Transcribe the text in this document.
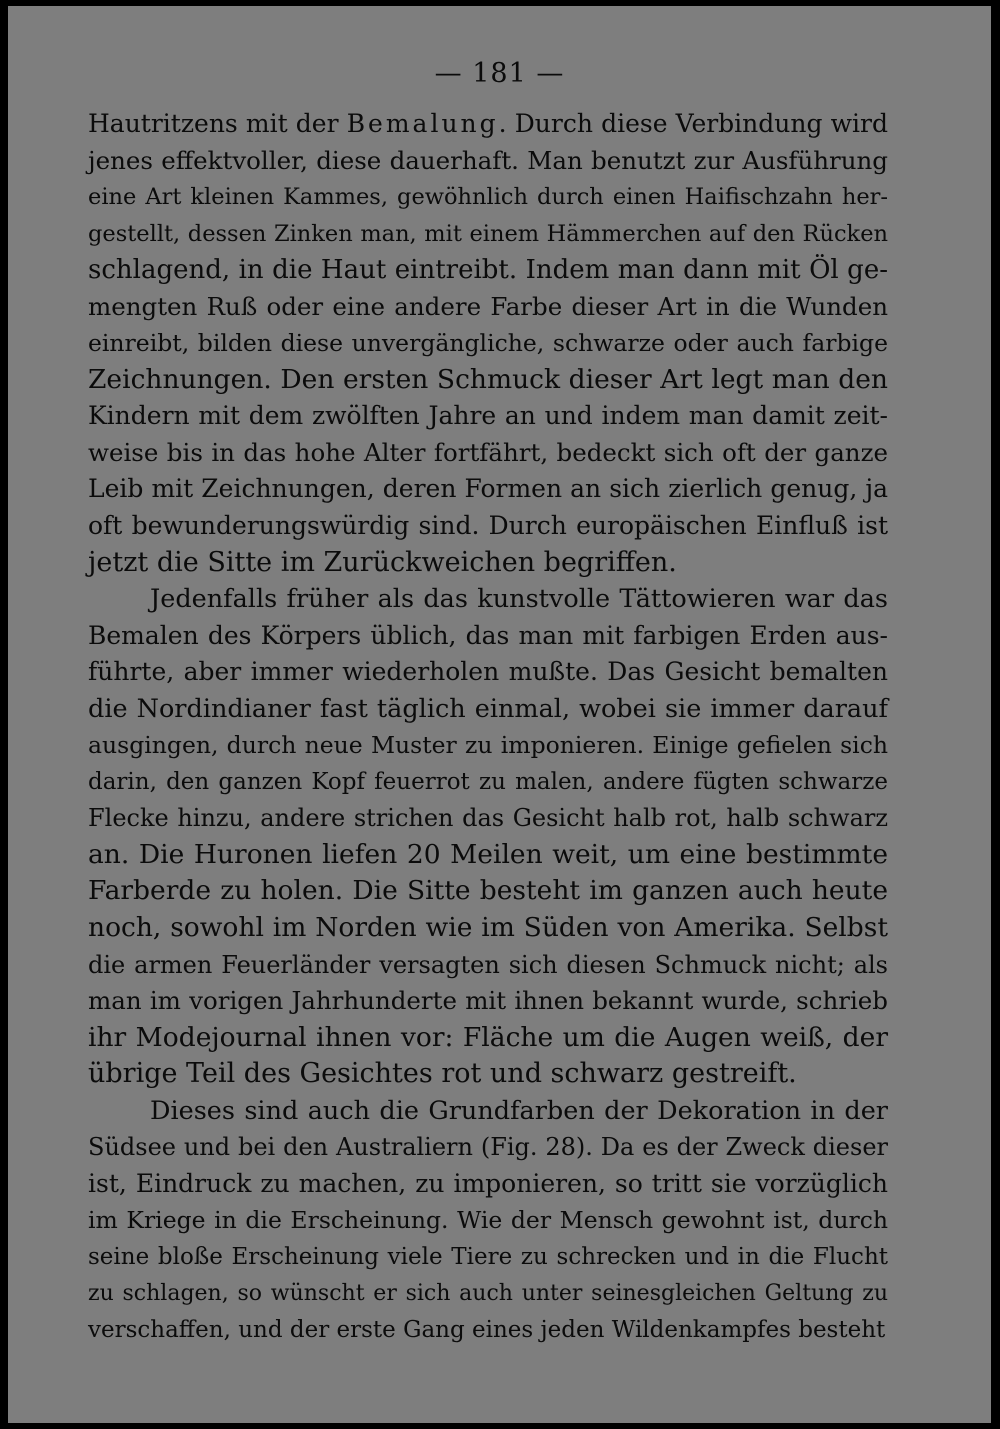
— 181 —
Hautritzens mit der Bemalung. Durch diese Verbindung wird
jenes effektvoller, diese dauerhaft. Man benutzt zur Ausführung
eine Art kleinen Kammes, gewöhnlich durch einen Haifischzahn her-
gestellt, dessen Zinken man, mit einem Hämmerchen auf den Rücken
schlagend, in die Haut eintreibt. Indem man dann mit Öl ge-
mengten Ruß oder eine andere Farbe dieser Art in die Wunden
einreibt, bilden diese unvergängliche, schwarze oder auch farbige
Zeichnungen. Den ersten Schmuck dieser Art legt man den
Kindern mit dem zwölften Jahre an und indem man damit zeit-
weise bis in das hohe Alter fortfährt, bedeckt sich oft der ganze
Leib mit Zeichnungen, deren Formen an sich zierlich genug, ja
oft bewunderungswürdig sind. Durch europäischen Einfluß ist
jetzt die Sitte im Zurückweichen begriffen.
Jedenfalls früher als das kunstvolle Tättowieren war das
Bemalen des Körpers üblich, das man mit farbigen Erden aus-
führte, aber immer wiederholen mußte. Das Gesicht bemalten
die Nordindianer fast täglich einmal, wobei sie immer darauf
ausgingen, durch neue Muster zu imponieren. Einige gefielen sich
darin, den ganzen Kopf feuerrot zu malen, andere fügten schwarze
Flecke hinzu, andere strichen das Gesicht halb rot, halb schwarz
an. Die Huronen liefen 20 Meilen weit, um eine bestimmte
Farberde zu holen. Die Sitte besteht im ganzen auch heute
noch, sowohl im Norden wie im Süden von Amerika. Selbst
die armen Feuerländer versagten sich diesen Schmuck nicht; als
man im vorigen Jahrhunderte mit ihnen bekannt wurde, schrieb
ihr Modejournal ihnen vor: Fläche um die Augen weiß, der
übrige Teil des Gesichtes rot und schwarz gestreift.
Dieses sind auch die Grundfarben der Dekoration in der
Südsee und bei den Australiern (Fig. 28). Da es der Zweck dieser
ist, Eindruck zu machen, zu imponieren, so tritt sie vorzüglich
im Kriege in die Erscheinung. Wie der Mensch gewohnt ist, durch
seine bloße Erscheinung viele Tiere zu schrecken und in die Flucht
zu schlagen, so wünscht er sich auch unter seinesgleichen Geltung zu
verschaffen, und der erste Gang eines jeden Wildenkampfes besteht
